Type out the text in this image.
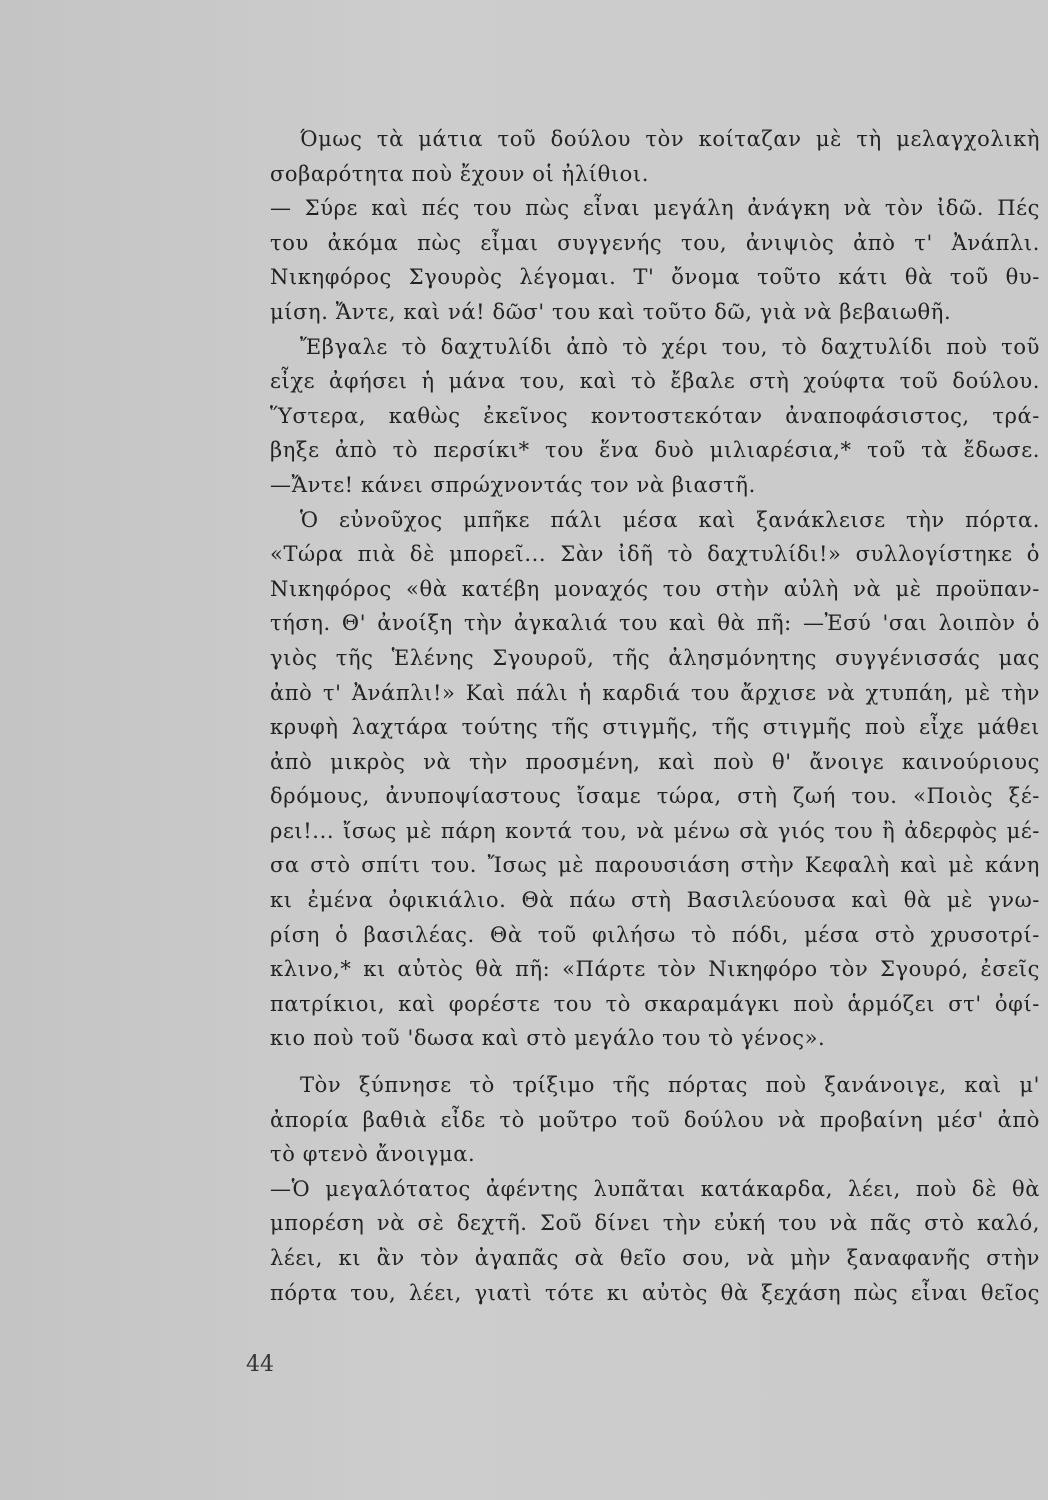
Όμως τὰ μάτια τοῦ δούλου τὸν κοίταζαν μὲ τὴ μελαγχολικὴ
σοβαρότητα ποὺ ἔχουν οἱ ἠλίθιοι.
— Σύρε καὶ πές του πὼς εἶναι μεγάλη ἀνάγκη νὰ τὸν ἰδῶ. Πές
του ἀκόμα πὼς εἶμαι συγγενής του, ἀνιψιὸς ἀπὸ τ' Ἀνάπλι.
Νικηφόρος Σγουρὸς λέγομαι. Τ' ὄνομα τοῦτο κάτι θὰ τοῦ θυ-
μίση. Ἄντε, καὶ νά! δῶσ' του καὶ τοῦτο δῶ, γιὰ νὰ βεβαιωθῆ.
Ἔβγαλε τὸ δαχτυλίδι ἀπὸ τὸ χέρι του, τὸ δαχτυλίδι ποὺ τοῦ
εἶχε ἀφήσει ἡ μάνα του, καὶ τὸ ἔβαλε στὴ χούφτα τοῦ δούλου.
Ὕστερα, καθὼς ἐκεῖνος κοντοστεκόταν ἀναποφάσιστος, τρά-
βηξε ἀπὸ τὸ περσίκι* του ἕνα δυὸ μιλιαρέσια,* τοῦ τὰ ἔδωσε.
—Ἄντε! κάνει σπρώχνοντάς τον νὰ βιαστῆ.
Ὁ εὐνοῦχος μπῆκε πάλι μέσα καὶ ξανάκλεισε τὴν πόρτα.
«Τώρα πιὰ δὲ μπορεῖ... Σὰν ἰδῆ τὸ δαχτυλίδι!» συλλογίστηκε ὁ
Νικηφόρος «θὰ κατέβη μοναχός του στὴν αὐλὴ νὰ μὲ προϋπαν-
τήση. Θ' ἀνοίξη τὴν ἀγκαλιά του καὶ θὰ πῆ: —Ἐσύ 'σαι λοιπὸν ὁ
γιὸς τῆς Ἑλένης Σγουροῦ, τῆς ἀλησμόνητης συγγένισσάς μας
ἀπὸ τ' Ἀνάπλι!» Καὶ πάλι ἡ καρδιά του ἄρχισε νὰ χτυπάη, μὲ τὴν
κρυφὴ λαχτάρα τούτης τῆς στιγμῆς, τῆς στιγμῆς ποὺ εἶχε μάθει
ἀπὸ μικρὸς νὰ τὴν προσμένη, καὶ ποὺ θ' ἄνοιγε καινούριους
δρόμους, ἀνυποψίαστους ἴσαμε τώρα, στὴ ζωή του. «Ποιὸς ξέ-
ρει!... ἴσως μὲ πάρη κοντά του, νὰ μένω σὰ γιός του ἢ ἀδερφὸς μέ-
σα στὸ σπίτι του. Ἴσως μὲ παρουσιάση στὴν Κεφαλὴ καὶ μὲ κάνη
κι ἐμένα ὀφικιάλιο. Θὰ πάω στὴ Βασιλεύουσα καὶ θὰ μὲ γνω-
ρίση ὁ βασιλέας. Θὰ τοῦ φιλήσω τὸ πόδι, μέσα στὸ χρυσοτρί-
κλινο,* κι αὐτὸς θὰ πῆ: «Πάρτε τὸν Νικηφόρο τὸν Σγουρό, ἐσεῖς
πατρίκιοι, καὶ φορέστε του τὸ σκαραμάγκι ποὺ ἁρμόζει στ' ὀφί-
κιο ποὺ τοῦ 'δωσα καὶ στὸ μεγάλο του τὸ γένος».
Τὸν ξύπνησε τὸ τρίξιμο τῆς πόρτας ποὺ ξανάνοιγε, καὶ μ'
ἀπορία βαθιὰ εἶδε τὸ μοῦτρο τοῦ δούλου νὰ προβαίνη μέσ' ἀπὸ
τὸ φτενὸ ἄνοιγμα.
—Ὁ μεγαλότατος ἀφέντης λυπᾶται κατάκαρδα, λέει, ποὺ δὲ θὰ
μπορέση νὰ σὲ δεχτῆ. Σοῦ δίνει τὴν εὐκή του νὰ πᾶς στὸ καλό,
λέει, κι ἂν τὸν ἀγαπᾶς σὰ θεῖο σου, νὰ μὴν ξαναφανῆς στὴν
πόρτα του, λέει, γιατὶ τότε κι αὐτὸς θὰ ξεχάση πὼς εἶναι θεῖος
44
